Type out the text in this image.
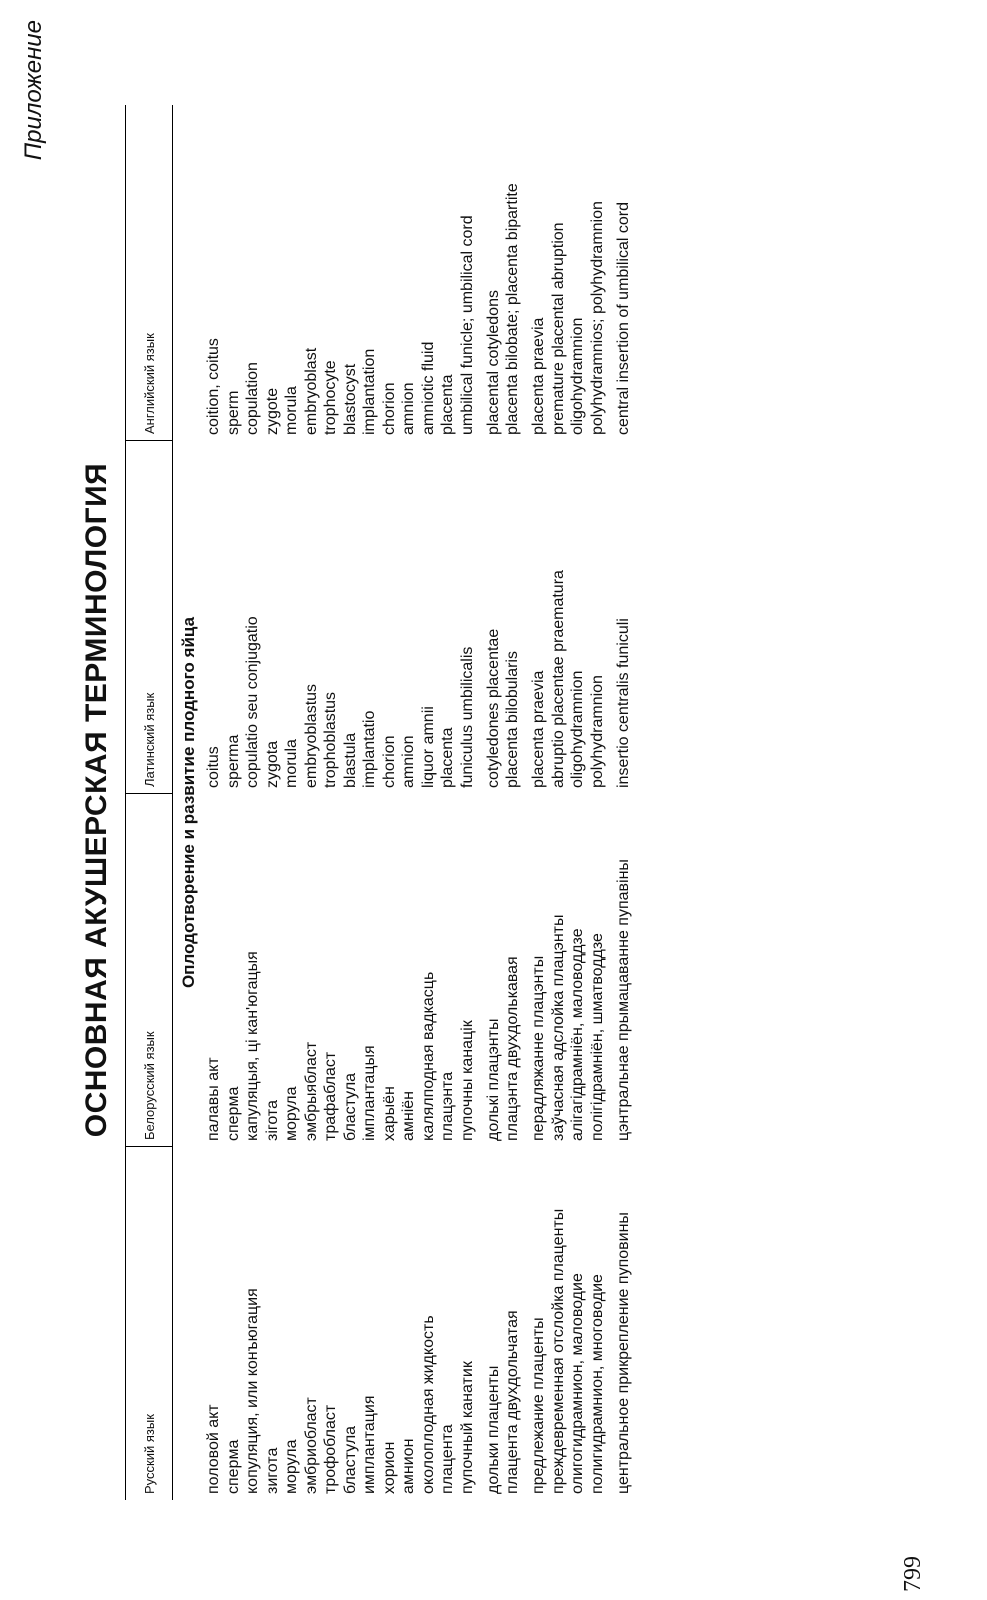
Приложение
ОСНОВНАЯ АКУШЕРСКАЯ ТЕРМИНОЛОГИЯ
799
Русский язык
Белорусский язык
Латинский язык
Английский язык
Оплодотворение и развитие плодного яйца
половой акт
палавы акт
coitus
coition, coitus
сперма
сперма
sperma
sperm
копуляция, или конъюгация
капуляцыя, ці кан'югацыя
copulatio seu conjugatio
copulation
зигота
зігота
zygota
zygote
морула
морула
morula
morula
эмбриобласт
эмбрыябласт
embryoblastus
embryoblast
трофобласт
трафабласт
trophoblastus
trophocyte
бластула
бластула
blastula
blastocyst
имплантация
імплантацыя
implantatio
implantation
хорион
харыён
chorion
chorion
амнион
амніён
amnion
amnion
околоплодная жидкость
калялподная вадкасць
liquor amnii
amniotic fluid
плацента
плацэнта
placenta
placenta
пупочный канатик
пупочны канацік
funiculus umbilicalis
umbilical funicle; umbilical cord
дольки плаценты
долькі плацэнты
cotyledones placentae
placental cotyledons
плацента двухдольчатая
плацэнта двухдолькавая
placenta bilobularis
placenta bilobate; placenta bipartite
предлежание плаценты
перадляжанне плацэнты
placenta praevia
placenta praevia
преждевременная отслойка плаценты
заўчасная адслойка плацэнты
abruptio placentae praematura
premature placental abruption
олигогидрамнион, маловодие
алігагідрамніён, маловоддзе
oligohydramnion
oligohydramnion
полигидрамнион, многоводие
полігідрамніён, шматводдзе
polyhydramnion
polyhydramnios; polyhydramnion
центральное прикрепление пуповины
цэнтральнае прымацаванне пупавіны
insertio centralis funiculi
central insertion of umbilical cord
